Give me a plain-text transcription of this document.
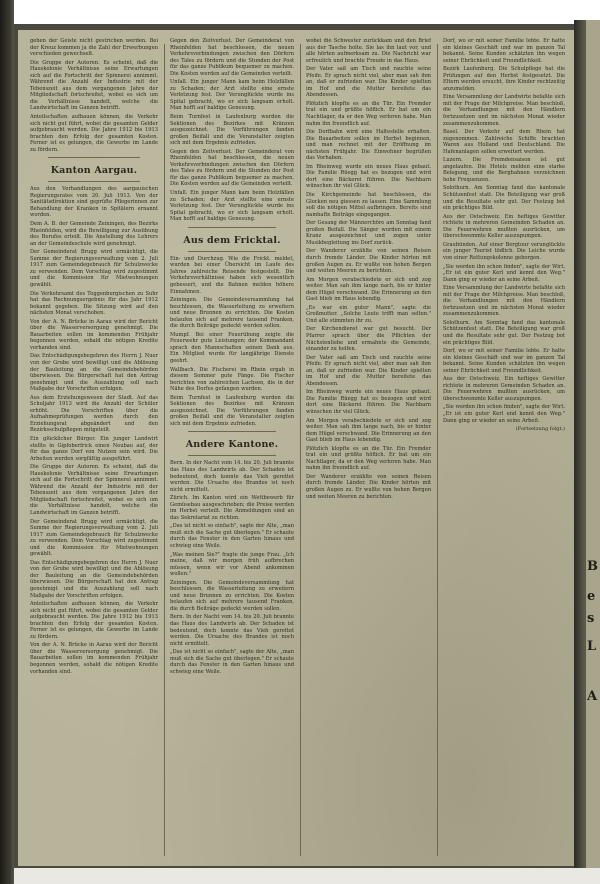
B
e
s
L
A

gehen der Geiste nicht gestrichen werden. Bei der Kreuz kommen ja die Zahl der Erwerbungen verschieden gewechselt.

Die Gruppe der Autoren. Es scheint, daß die Hauskolonie Verhältnisse seine Erwartungen sich auf die Fortschritt der Spinnerei annimmt. Während die Anzahl der Industrie mit der Tebenszeit aus dem vergangenen Jahre der Mitgliedschaft fortschreitet, wobei es sich um die Verhältnisse handelt, welche die Landwirtschaft im Ganzen betrifft.

Anteilschaften aufbauen können, die Verkehr sich nicht gut führt, wobei die gesamten Gelder aufgebraucht werden. Die Jahre 1912 bis 1913 brachten den Erfolg der gesamten Kosten. Ferner ist es gelungen, die Gewerbe im Lande zu fördern.

Kanton Aargau.

Aus den Verhandlungen des aargauischen Regierungsrates vom 20. Juli 1913. Von der Sanitätsdirektion sind geprüfte Pflegerinnen zur Behandlung der Kranken in Spitälern ernannt worden.

Dem A. B. der Gemeinde Zeiningen, des Bezirks Rheinfelden, wird die Bewilligung zur Ausübung des Berufes erteilt. Die Anstellung des Lehrers an der Gemeindeschule wird genehmigt.

Der Gemeinderat Brugg wird ermächtigt, die Summe der Regierungsverwaltung vom 2. Juli 1917 zum Gemeindegebrauch für Schulzwecke zu verwenden. Dem Vorschlag wird zugestimmt und die Kommission für Mietwohnungen gewählt.

Die Verkehrsamt des Toggenburgischen zu Suhr hat das Rechnungsergebnis für das Jahr 1912 bekannt gegeben. Die Sitzung wird auf den nächsten Monat verschoben.

Von der A. N. Brücke in Aarau wird der Bericht über die Wasserversorgung genehmigt. Die Bauarbeiten sollen im kommenden Frühjahr begonnen werden, sobald die nötigen Kredite vorhanden sind.

Das Entschädigungsbegehren des Herrn J. Nuer von der Grube wird bewilligt und die Ablösung der Bauleitung an die Gemeindebehörden überwiesen. Die Bürgerschaft hat den Antrag genehmigt und die Auszahlung soll nach Maßgabe der Vorschriften erfolgen.

Aus dem Erziehungswesen der Stadt. Auf das Schuljahr 1913 wird die Anzahl der Schüler erhöht. Die Vorschriften über die Aufnahmeprüfungen werden durch den Erziehungsrat abgeändert und den Bezirksschulpflegen mitgeteilt.

Ein glücklicher Bürger. Ein junger Landwirt stellte in Gipfoberfrick einen Neubau auf, der für das ganze Dorf von Nutzen sein wird. Die Arbeiten werden sorgfältig ausgeführt.

Die Gruppe der Autoren. Es scheint, daß die Hauskolonie Verhältnisse seine Erwartungen sich auf die Fortschritt der Spinnerei annimmt. Während die Anzahl der Industrie mit der Tebenszeit aus dem vergangenen Jahre der Mitgliedschaft fortschreitet, wobei es sich um die Verhältnisse handelt, welche die Landwirtschaft im Ganzen betrifft.

Der Gemeinderat Brugg wird ermächtigt, die Summe der Regierungsverwaltung vom 2. Juli 1917 zum Gemeindegebrauch für Schulzwecke zu verwenden. Dem Vorschlag wird zugestimmt und die Kommission für Mietwohnungen gewählt.

Das Entschädigungsbegehren des Herrn J. Nuer von der Grube wird bewilligt und die Ablösung der Bauleitung an die Gemeindebehörden überwiesen. Die Bürgerschaft hat den Antrag genehmigt und die Auszahlung soll nach Maßgabe der Vorschriften erfolgen.

Anteilschaften aufbauen können, die Verkehr sich nicht gut führt, wobei die gesamten Gelder aufgebraucht werden. Die Jahre 1912 bis 1913 brachten den Erfolg der gesamten Kosten. Ferner ist es gelungen, die Gewerbe im Lande zu fördern.

Von der A. N. Brücke in Aarau wird der Bericht über die Wasserversorgung genehmigt. Die Bauarbeiten sollen im kommenden Frühjahr begonnen werden, sobald die nötigen Kredite vorhanden sind.

Gegen den Zeitverlust. Der Gemeinderat von Rheinfelden hat beschlossen, die neuen Verkehrsverbindungen zwischen den Dörfern des Tales zu fördern und die Stunden der Post für das ganze Publikum bequemer zu machen. Die Kosten werden auf die Gemeinden verteilt.

Unfall. Ein junger Mann kam beim Holzfällen zu Schaden; der Arzt stellte eine ernste Verletzung fest. Der Verunglückte wurde ins Spital gebracht, wo er sich langsam erholt. Man hofft auf baldige Genesung.

Beim Turnfest in Laufenburg wurden die Sektionen des Bezirkes mit Kränzen ausgezeichnet. Die Vorführungen fanden großen Beifall und die Veranstalter zeigten sich mit dem Ergebnis zufrieden.

Gegen den Zeitverlust. Der Gemeinderat von Rheinfelden hat beschlossen, die neuen Verkehrsverbindungen zwischen den Dörfern des Tales zu fördern und die Stunden der Post für das ganze Publikum bequemer zu machen. Die Kosten werden auf die Gemeinden verteilt.

Unfall. Ein junger Mann kam beim Holzfällen zu Schaden; der Arzt stellte eine ernste Verletzung fest. Der Verunglückte wurde ins Spital gebracht, wo er sich langsam erholt. Man hofft auf baldige Genesung.

Aus dem Fricktal.

Ein- und Durchzug. Wie die Frickt. meldet, wurden bei einer Übersicht im Laufe des Jahres zahlreiche Reisende festgestellt. Die Verkehrsverhältnisse haben sich wesentlich gebessert, und die Bahnen melden höhere Einnahmen.

Zeiningen. Die Gemeindeversammlung hat beschlossen, die Wasserleitung zu erweitern und neue Brunnen zu errichten. Die Kosten belaufen sich auf mehrere tausend Franken, die durch Beiträge gedeckt werden sollen.

Mumpf. Bei einer Feuerübung zeigte die Feuerwehr gute Leistungen; der Kommandant sprach den Mannschaften seinen Dank aus. Ein Mitglied wurde für langjährige Dienste geehrt.

Wallbach. Die Fischerei im Rhein ergab in diesem Sommer gute Fänge. Die Fischer berichten von zahlreichen Lachsen, die in der Nähe des Dorfes gefangen wurden.

Beim Turnfest in Laufenburg wurden die Sektionen des Bezirkes mit Kränzen ausgezeichnet. Die Vorführungen fanden großen Beifall und die Veranstalter zeigten sich mit dem Ergebnis zufrieden.

Andere Kantone.

Bern. In der Nacht vom 14. bis 20. Juli brannte das Haus des Landwirts ab. Der Schaden ist bedeutend, doch konnte das Vieh gerettet werden. Die Ursache des Brandes ist noch nicht ermittelt.

Zürich. Im Kanton wird ein Wettbewerb für Gemüsebau ausgeschrieben; die Preise werden im Herbst verteilt. Die Anmeldungen sind an das Sekretariat zu richten.

„Das ist nicht so einfach", sagte der Alte, „man muß sich die Sache gut überlegen." Er schaute durch das Fenster in den Garten hinaus und schwieg eine Weile.

„Was meinen Sie?" fragte die junge Frau. „Ich meine, daß wir morgen früh aufbrechen müssen, wenn wir vor Abend ankommen wollen."

Zeiningen. Die Gemeindeversammlung hat beschlossen, die Wasserleitung zu erweitern und neue Brunnen zu errichten. Die Kosten belaufen sich auf mehrere tausend Franken, die durch Beiträge gedeckt werden sollen.

Bern. In der Nacht vom 14. bis 20. Juli brannte das Haus des Landwirts ab. Der Schaden ist bedeutend, doch konnte das Vieh gerettet werden. Die Ursache des Brandes ist noch nicht ermittelt.

„Das ist nicht so einfach", sagte der Alte, „man muß sich die Sache gut überlegen." Er schaute durch das Fenster in den Garten hinaus und schwieg eine Weile.

wobei die Schwester zurückkam und den Brief aus der Tasche holte. Sie las ihn laut vor, und alle hörten aufmerksam zu. Die Nachricht war erfreulich und brachte Freude in das Haus.

Der Vater saß am Tisch und rauchte seine Pfeife. Er sprach nicht viel, aber man sah ihm an, daß er zufrieden war. Die Kinder spielten im Hof und die Mutter bereitete das Abendessen.

Plötzlich klopfte es an die Tür. Ein Fremder trat ein und grüßte höflich. Er bat um ein Nachtlager, da er den Weg verloren habe. Man nahm ihn freundlich auf.

Die Dorfbahn wird eine Haltestelle erhalten. Die Bauarbeiten sollen im Herbst beginnen, und man rechnet mit der Eröffnung im nächsten Frühjahr. Die Einwohner begrüßen das Vorhaben.

Im Rheinweg wurde ein neues Haus gebaut. Die Familie Rüegg hat es bezogen und wird dort eine Bäckerei führen. Die Nachbarn wünschen ihr viel Glück.

Die Kirchgemeinde hat beschlossen, die Glocken neu giessen zu lassen. Eine Sammlung soll die nötigen Mittel aufbringen. Bereits sind namhafte Beiträge eingegangen.

Der Gesang der Männerchöre am Sonntag fand großen Beifall. Die Sänger wurden mit einem Kranz ausgezeichnet und zogen unter Musikbegleitung ins Dorf zurück.

Der Wanderer erzählte von seinen Reisen durch fremde Länder. Die Kinder hörten mit großen Augen zu. Er wußte von hohen Bergen und weiten Meeren zu berichten.

Am Morgen verabschiedete er sich und zog weiter. Man sah ihm lange nach, bis er hinter dem Hügel verschwand. Die Erinnerung an den Gast blieb im Haus lebendig.

„Es war ein guter Mann", sagte die Großmutter. „Solche Leute trifft man selten." Und alle stimmten ihr zu.

Der Kirchendienst war gut besucht. Der Pfarrer sprach über die Pflichten der Nächstenliebe und ermahnte die Gemeinde, einander zu helfen.

Der Vater saß am Tisch und rauchte seine Pfeife. Er sprach nicht viel, aber man sah ihm an, daß er zufrieden war. Die Kinder spielten im Hof und die Mutter bereitete das Abendessen.

Im Rheinweg wurde ein neues Haus gebaut. Die Familie Rüegg hat es bezogen und wird dort eine Bäckerei führen. Die Nachbarn wünschen ihr viel Glück.

Am Morgen verabschiedete er sich und zog weiter. Man sah ihm lange nach, bis er hinter dem Hügel verschwand. Die Erinnerung an den Gast blieb im Haus lebendig.

Plötzlich klopfte es an die Tür. Ein Fremder trat ein und grüßte höflich. Er bat um ein Nachtlager, da er den Weg verloren habe. Man nahm ihn freundlich auf.

Der Wanderer erzählte von seinen Reisen durch fremde Länder. Die Kinder hörten mit großen Augen zu. Er wußte von hohen Bergen und weiten Meeren zu berichten.

Dorf, wo er mit seiner Familie lebte. Er hatte ein kleines Geschäft und war im ganzen Tal bekannt. Seine Kunden schätzten ihn wegen seiner Ehrlichkeit und Freundlichkeit.

Bezirk Laufenburg. Die Schulpflege hat die Prüfungen auf den Herbst festgesetzt. Die Eltern werden ersucht, ihre Kinder rechtzeitig anzumelden.

Eine Versammlung der Landwirte befaßte sich mit der Frage der Milchpreise. Man beschloß, die Verhandlungen mit den Händlern fortzusetzen und im nächsten Monat wieder zusammenzukommen.

Basel. Der Verkehr auf dem Rhein hat zugenommen. Zahlreiche Schiffe brachten Waren aus Holland und Deutschland. Die Hafenanlagen sollen erweitert werden.

Luzern. Die Fremdensaison ist gut angelaufen. Die Hotels melden eine starke Belegung, und die Bergbahnen verzeichnen hohe Frequenzen.

Solothurn. Am Sonntag fand das kantonale Schützenfest statt. Die Beteiligung war groß und die Resultate sehr gut. Der Festzug bot ein prächtiges Bild.

Aus der Ostschweiz. Ein heftiges Gewitter richtete in mehreren Gemeinden Schaden an. Die Feuerwehren mußten ausrücken, um überschwemmte Keller auszupumpen.

Graubünden. Auf einer Bergtour verunglückte ein junger Tourist tödlich. Die Leiche wurde von einer Rettungskolonne geborgen.

„Sie werden ihn schon finden", sagte der Wirt. „Er ist ein guter Kerl und kennt den Weg." Dann ging er wieder an seine Arbeit.

Eine Versammlung der Landwirte befaßte sich mit der Frage der Milchpreise. Man beschloß, die Verhandlungen mit den Händlern fortzusetzen und im nächsten Monat wieder zusammenzukommen.

Solothurn. Am Sonntag fand das kantonale Schützenfest statt. Die Beteiligung war groß und die Resultate sehr gut. Der Festzug bot ein prächtiges Bild.

Dorf, wo er mit seiner Familie lebte. Er hatte ein kleines Geschäft und war im ganzen Tal bekannt. Seine Kunden schätzten ihn wegen seiner Ehrlichkeit und Freundlichkeit.

Aus der Ostschweiz. Ein heftiges Gewitter richtete in mehreren Gemeinden Schaden an. Die Feuerwehren mußten ausrücken, um überschwemmte Keller auszupumpen.

„Sie werden ihn schon finden", sagte der Wirt. „Er ist ein guter Kerl und kennt den Weg." Dann ging er wieder an seine Arbeit.

(Fortsetzung folgt.)
